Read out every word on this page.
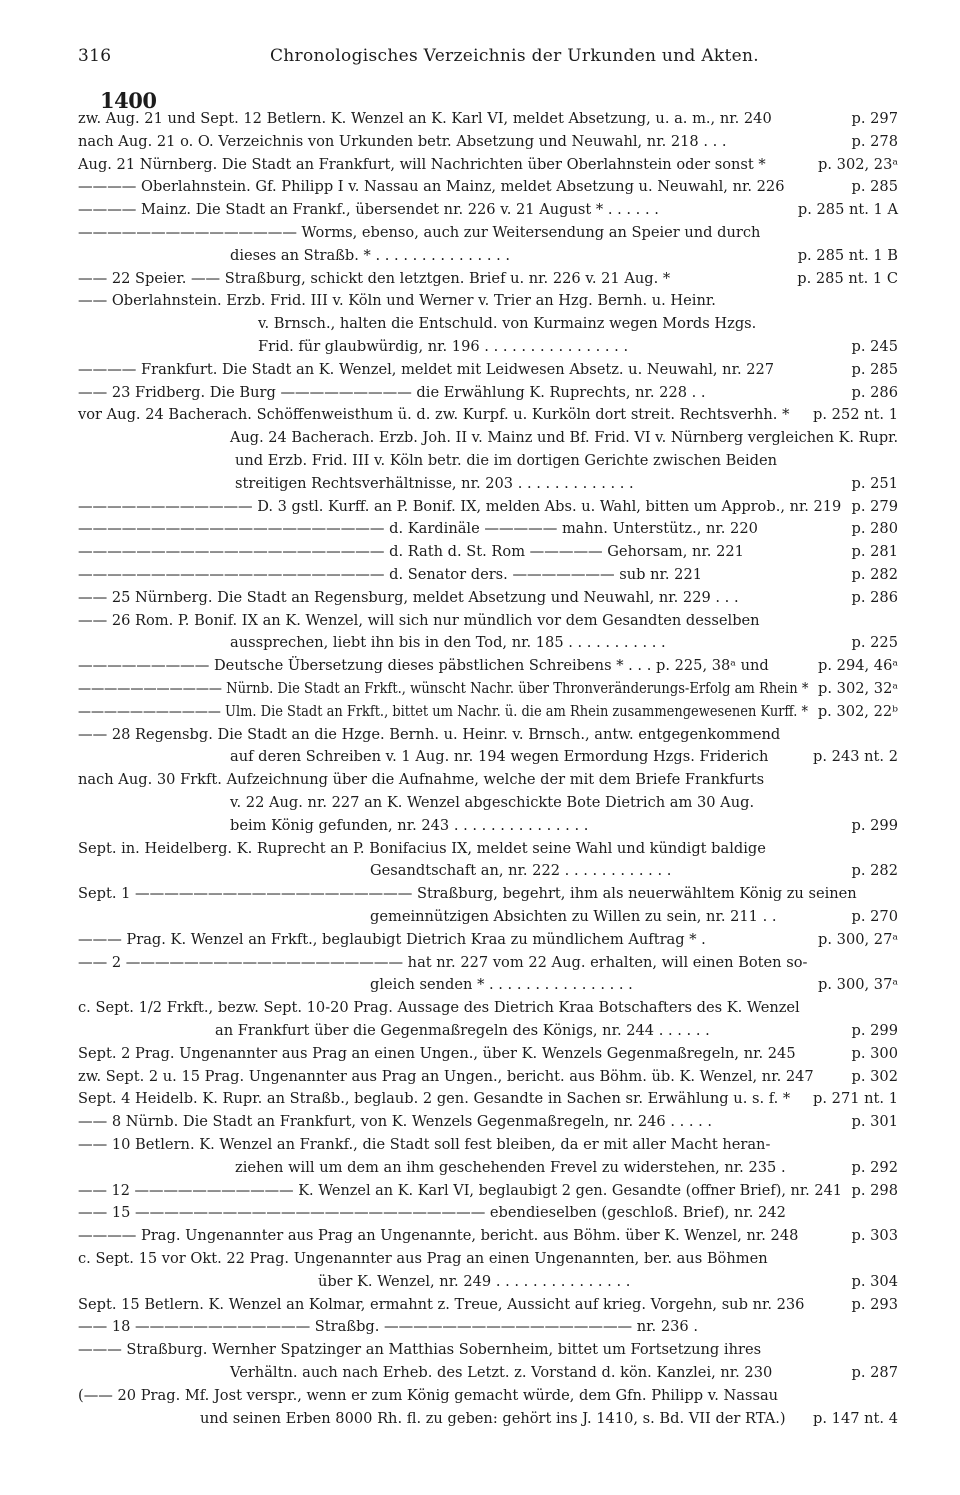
316	Chronologisches Verzeichnis der Urkunden und Akten.
1400
zw. Aug. 21 und Sept. 12 Betlern. K. Wenzel an K. Karl VI, meldet Absetzung, u. a. m., nr. 240	p. 297
nach Aug. 21 o. O. Verzeichnis von Urkunden betr. Absetzung und Neuwahl, nr. 218 . . .	p. 278
Aug. 21 Nürnberg. Die Stadt an Frankfurt, will Nachrichten über Oberlahnstein oder sonst *	p. 302, 23ᵃ
———— Oberlahnstein. Gf. Philipp I v. Nassau an Mainz, meldet Absetzung u. Neuwahl, nr. 226	p. 285
———— Mainz. Die Stadt an Frankf., übersendet nr. 226 v. 21 August * . . . . . .	p. 285 nt. 1 A
——————————————— Worms, ebenso, auch zur Weitersendung an Speier und durch
dieses an Straßb. * . . . . . . . . . . . . . . .	p. 285 nt. 1 B
—— 22 Speier. —— Straßburg, schickt den letztgen. Brief u. nr. 226 v. 21 Aug. *	p. 285 nt. 1 C
—— Oberlahnstein. Erzb. Frid. III v. Köln und Werner v. Trier an Hzg. Bernh. u. Heinr.
v. Brnsch., halten die Entschuld. von Kurmainz wegen Mords Hzgs.
Frid. für glaubwürdig, nr. 196 . . . . . . . . . . . . . . . .	p. 245
———— Frankfurt. Die Stadt an K. Wenzel, meldet mit Leidwesen Absetz. u. Neuwahl, nr. 227	p. 285
—— 23 Fridberg. Die Burg ————————— die Erwählung K. Ruprechts, nr. 228 . .	p. 286
vor Aug. 24 Bacherach. Schöffenweisthum ü. d. zw. Kurpf. u. Kurköln dort streit. Rechtsverhh. * p. 252 nt. 1
Aug. 24 Bacherach. Erzb. Joh. II v. Mainz und Bf. Frid. VI v. Nürnberg vergleichen K. Rupr.
und Erzb. Frid. III v. Köln betr. die im dortigen Gerichte zwischen Beiden
streitigen Rechtsverhältnisse, nr. 203 . . . . . . . . . . . . .	p. 251
———————————— D. 3 gstl. Kurff. an P. Bonif. IX, melden Abs. u. Wahl, bitten um Approb., nr. 219 p. 279
————————————————————— d. Kardinäle ————— mahn. Unterstütz., nr. 220	p. 280
————————————————————— d. Rath d. St. Rom ————— Gehorsam, nr. 221	p. 281
————————————————————— d. Senator ders. ——————— sub nr. 221	p. 282
—— 25 Nürnberg. Die Stadt an Regensburg, meldet Absetzung und Neuwahl, nr. 229 . . .	p. 286
—— 26 Rom. P. Bonif. IX an K. Wenzel, will sich nur mündlich vor dem Gesandten desselben
aussprechen, liebt ihn bis in den Tod, nr. 185 . . . . . . . . . . .	p. 225
————————— Deutsche Übersetzung dieses päbstlichen Schreibens * . . . p. 225, 38ᵃ und	p. 294, 46ᵃ
——————————— Nürnb. Die Stadt an Frkft., wünscht Nachr. über Thronveränderungs-Erfolg am Rhein * p. 302, 32ᵃ
——————————— Ulm. Die Stadt an Frkft., bittet um Nachr. ü. die am Rhein zusammengewesenen Kurff. * p. 302, 22ᵇ
—— 28 Regensbg. Die Stadt an die Hzge. Bernh. u. Heinr. v. Brnsch., antw. entgegenkommend
auf deren Schreiben v. 1 Aug. nr. 194 wegen Ermordung Hzgs. Friderich	p. 243 nt. 2
nach Aug. 30 Frkft. Aufzeichnung über die Aufnahme, welche der mit dem Briefe Frankfurts
v. 22 Aug. nr. 227 an K. Wenzel abgeschickte Bote Dietrich am 30 Aug.
beim König gefunden, nr. 243 . . . . . . . . . . . . . . .	p. 299
Sept. in. Heidelberg. K. Ruprecht an P. Bonifacius IX, meldet seine Wahl und kündigt baldige
Gesandtschaft an, nr. 222 . . . . . . . . . . . .	p. 282
Sept. 1 ——————————————————— Straßburg, begehrt, ihm als neuerwähltem König zu seinen
gemeinnützigen Absichten zu Willen zu sein, nr. 211 . .	p. 270
——— Prag. K. Wenzel an Frkft., beglaubigt Dietrich Kraa zu mündlichem Auftrag * .	p. 300, 27ᵃ
—— 2 ——————————————————— hat nr. 227 vom 22 Aug. erhalten, will einen Boten so-
gleich senden * . . . . . . . . . . . . . . . .	p. 300, 37ᵃ
c. Sept. 1/2 Frkft., bezw. Sept. 10-20 Prag. Aussage des Dietrich Kraa Botschafters des K. Wenzel
an Frankfurt über die Gegenmaßregeln des Königs, nr. 244 . . . . . .	p. 299
Sept. 2 Prag. Ungenannter aus Prag an einen Ungen., über K. Wenzels Gegenmaßregeln, nr. 245	p. 300
zw. Sept. 2 u. 15 Prag. Ungenannter aus Prag an Ungen., bericht. aus Böhm. üb. K. Wenzel, nr. 247	p. 302
Sept. 4 Heidelb. K. Rupr. an Straßb., beglaub. 2 gen. Gesandte in Sachen sr. Erwählung u. s. f. * p. 271 nt. 1
—— 8 Nürnb. Die Stadt an Frankfurt, von K. Wenzels Gegenmaßregeln, nr. 246 . . . . .	p. 301
—— 10 Betlern. K. Wenzel an Frankf., die Stadt soll fest bleiben, da er mit aller Macht heran-
ziehen will um dem an ihm geschehenden Frevel zu widerstehen, nr. 235 .	p. 292
—— 12 ——————————— K. Wenzel an K. Karl VI, beglaubigt 2 gen. Gesandte (offner Brief), nr. 241 p. 298
—— 15 ———————————————————————— ebendieselben (geschloß. Brief), nr. 242
———— Prag. Ungenannter aus Prag an Ungenannte, bericht. aus Böhm. über K. Wenzel, nr. 248	p. 303
c. Sept. 15 vor Okt. 22 Prag. Ungenannter aus Prag an einen Ungenannten, ber. aus Böhmen
über K. Wenzel, nr. 249 . . . . . . . . . . . . . . .	p. 304
Sept. 15 Betlern. K. Wenzel an Kolmar, ermahnt z. Treue, Aussicht auf krieg. Vorgehn, sub nr. 236	p. 293
—— 18 ———————————— Straßbg. ————————————————— nr. 236 .
——— Straßburg. Wernher Spatzinger an Matthias Sobernheim, bittet um Fortsetzung ihres
Verhältn. auch nach Erheb. des Letzt. z. Vorstand d. kön. Kanzlei, nr. 230	p. 287
(—— 20 Prag. Mf. Jost verspr., wenn er zum König gemacht würde, dem Gfn. Philipp v. Nassau
und seinen Erben 8000 Rh. fl. zu geben: gehört ins J. 1410, s. Bd. VII der RTA.) p. 147 nt. 4
